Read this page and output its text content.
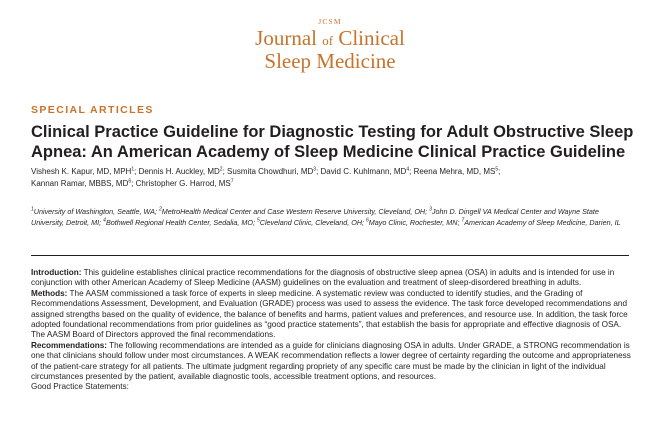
JCSM
Journal of Clinical
Sleep Medicine
SPECIAL ARTICLES
Clinical Practice Guideline for Diagnostic Testing for Adult Obstructive Sleep Apnea: An American Academy of Sleep Medicine Clinical Practice Guideline
Vishesh K. Kapur, MD, MPH$^1$; Dennis H. Auckley, $MD^2$; Susmita Chowdhuri, $MD^3$; David C. Kuhlmann, $MD^4$; Reena Mehra, MD, $MS^5$;
Kannan Ramar, MBBS, $MD^6$; Christopher G. Harrod, $MS^7$
$^1$University of Washington, Seattle, WA; $^2$MetroHealth Medical Center and Case Western Reserve University, Cleveland, OH; $^3$John D. Dingell VA Medical Center and Wayne State University, Detroit, MI; $^4$Bothwell Regional Health Center, Sedalia, MO; $^5$Cleveland Clinic, Cleveland, OH; $^6$Mayo Clinic, Rochester, MN; $^7$American Academy of Sleep Medicine, Darien, IL

Introduction: This guideline establishes clinical practice recommendations for the diagnosis of obstructive sleep apnea (OSA) in adults and is intended for use in conjunction with other American Academy of Sleep Medicine (AASM) guidelines on the evaluation and treatment of sleep-disordered breathing in adults.

Methods: The AASM commissioned a task force of experts in sleep medicine. A systematic review was conducted to identify studies, and the Grading of Recommendations Assessment, Development, and Evaluation (GRADE) process was used to assess the evidence. The task force developed recommendations and assigned strengths based on the quality of evidence, the balance of benefits and harms, patient values and preferences, and resource use. In addition, the task force adopted foundational recommendations from prior guidelines as “good practice statements”, that establish the basis for appropriate and effective diagnosis of OSA. The AASM Board of Directors approved the final recommendations.

Recommendations: The following recommendations are intended as a guide for clinicians diagnosing OSA in adults. Under GRADE, a STRONG recommendation is one that clinicians should follow under most circumstances. A WEAK recommendation reflects a lower degree of certainty regarding the outcome and appropriateness of the patient-care strategy for all patients. The ultimate judgment regarding propriety of any specific care must be made by the clinician in light of the individual circumstances presented by the patient, available diagnostic tools, accessible treatment options, and resources.

Good Practice Statements:
